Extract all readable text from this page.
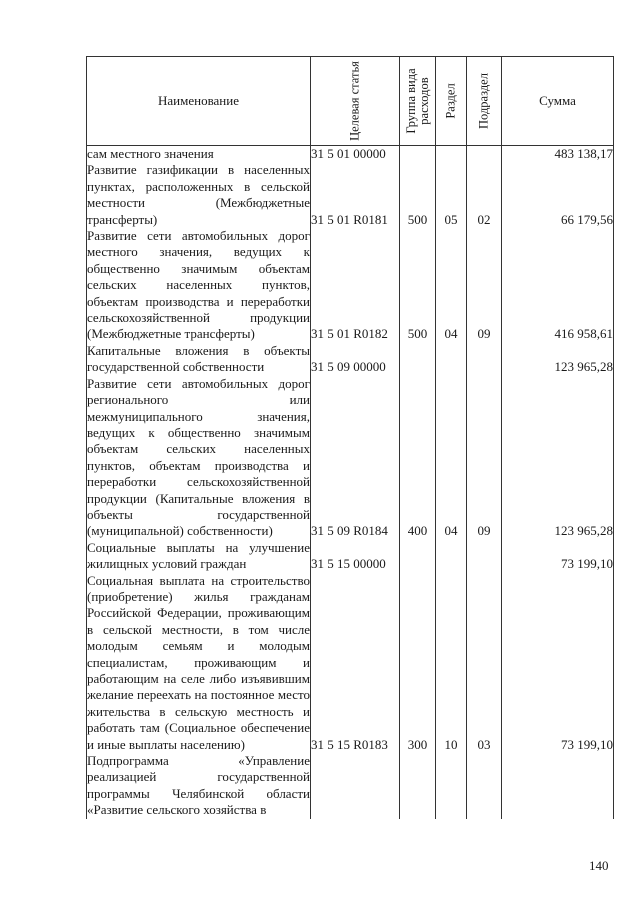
Наименование	Целевая статья	Группа вида расходов	Раздел	Подраздел	Сумма
сам местного значения	31 5 01 00000				483 138,17
Развитие газификации в населенных пунктах, расположенных в сельской местности (Межбюджетные трансферты)	31 5 01 R0181	500	05	02	66 179,56
Развитие сети автомобильных дорог местного значения, ведущих к общественно значимым объектам сельских населенных пунктов, объектам производства и переработки сельскохозяйственной продукции (Межбюджетные трансферты)	31 5 01 R0182	500	04	09	416 958,61
Капитальные вложения в объекты государственной собственности	31 5 09 00000				123 965,28
Развитие сети автомобильных дорог регионального или межмуниципального значения, ведущих к общественно значимым объектам сельских населенных пунктов, объектам производства и переработки сельскохозяйственной продукции (Капитальные вложения в объекты государственной (муниципальной) собственности)	31 5 09 R0184	400	04	09	123 965,28
Социальные выплаты на улучшение жилищных условий граждан	31 5 15 00000				73 199,10
Социальная выплата на строительство (приобретение) жилья гражданам Российской Федерации, проживающим в сельской местности, в том числе молодым семьям и молодым специалистам, проживающим и работающим на селе либо изъявившим желание переехать на постоянное место жительства в сельскую местность и работать там (Социальное обеспечение и иные выплаты населению)	31 5 15 R0183	300	10	03	73 199,10
Подпрограмма «Управление реализацией государственной программы Челябинской области «Развитие сельского хозяйства в					
140
